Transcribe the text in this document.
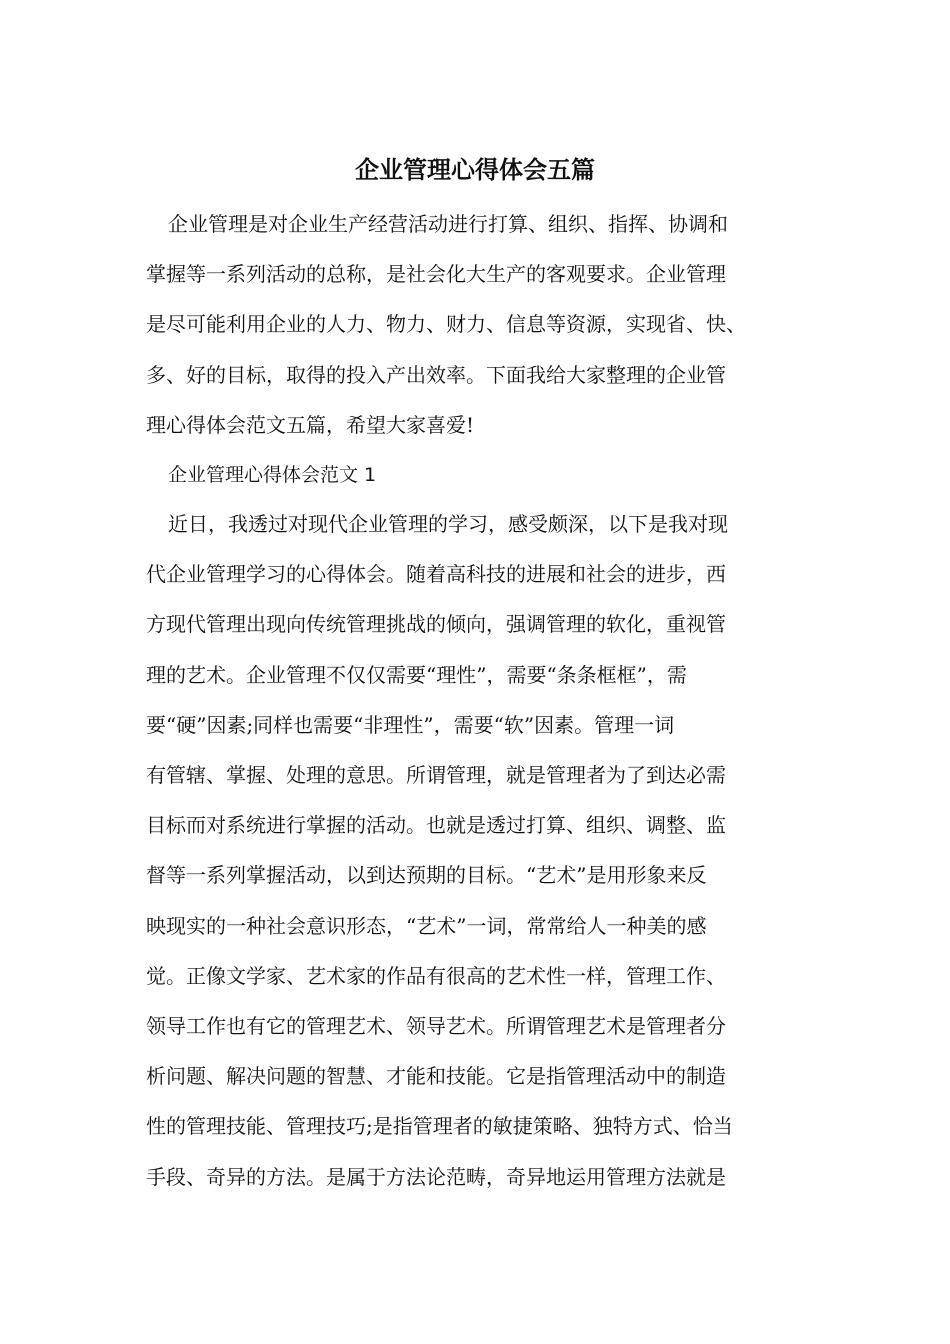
企业管理心得体会五篇
企业管理是对企业生产经营活动进行打算、组织、指挥、协调和
掌握等一系列活动的总称，是社会化大生产的客观要求。企业管理
是尽可能利用企业的人力、物力、财力、信息等资源，实现省、快、
多、好的目标，取得的投入产出效率。下面我给大家整理的企业管
理心得体会范文五篇，希望大家喜爱!
企业管理心得体会范文 1
近日，我透过对现代企业管理的学习，感受颇深，以下是我对现
代企业管理学习的心得体会。随着高科技的进展和社会的进步，西
方现代管理出现向传统管理挑战的倾向，强调管理的软化，重视管
理的艺术。企业管理不仅仅需要“理性”，需要“条条框框”，需
要“硬”因素;同样也需要“非理性”，需要“软”因素。管理一词
有管辖、掌握、处理的意思。所谓管理，就是管理者为了到达必需
目标而对系统进行掌握的活动。也就是透过打算、组织、调整、监
督等一系列掌握活动，以到达预期的目标。“艺术”是用形象来反
映现实的一种社会意识形态，“艺术”一词，常常给人一种美的感
觉。正像文学家、艺术家的作品有很高的艺术性一样，管理工作、
领导工作也有它的管理艺术、领导艺术。所谓管理艺术是管理者分
析问题、解决问题的智慧、才能和技能。它是指管理活动中的制造
性的管理技能、管理技巧;是指管理者的敏捷策略、独特方式、恰当
手段、奇异的方法。是属于方法论范畴，奇异地运用管理方法就是
